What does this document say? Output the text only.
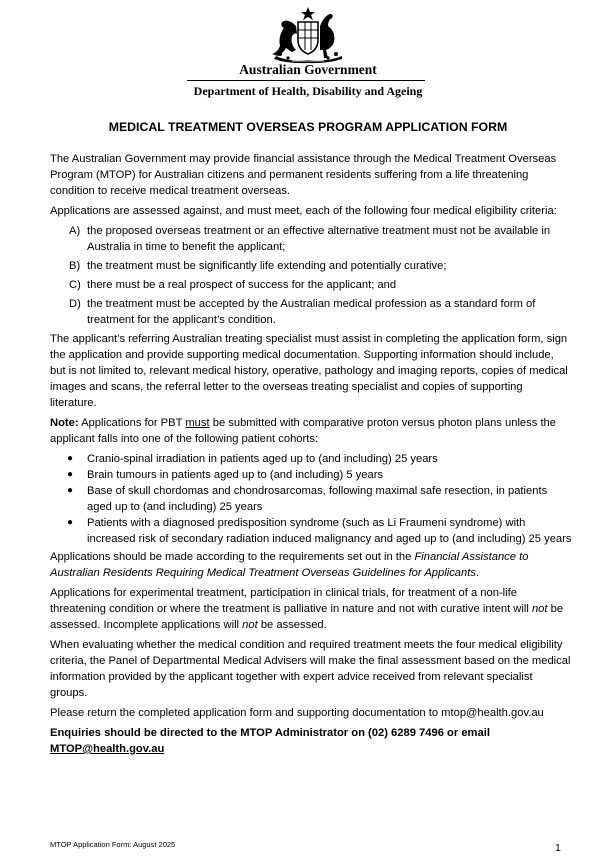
Australian Government
Department of Health, Disability and Ageing
MEDICAL TREATMENT OVERSEAS PROGRAM APPLICATION FORM

The Australian Government may provide financial assistance through the Medical Treatment Overseas Program (MTOP) for Australian citizens and permanent residents suffering from a life threatening condition to receive medical treatment overseas.

Applications are assessed against, and must meet, each of the following four medical eligibility criteria:

A) the proposed overseas treatment or an effective alternative treatment must not be available in Australia in time to benefit the applicant;
B) the treatment must be significantly life extending and potentially curative;
C) there must be a real prospect of success for the applicant; and
D) the treatment must be accepted by the Australian medical profession as a standard form of treatment for the applicant’s condition.

The applicant’s referring Australian treating specialist must assist in completing the application form, sign the application and provide supporting medical documentation. Supporting information should include, but is not limited to, relevant medical history, operative, pathology and imaging reports, copies of medical images and scans, the referral letter to the overseas treating specialist and copies of supporting literature.

Note: Applications for PBT must be submitted with comparative proton versus photon plans unless the applicant falls into one of the following patient cohorts:

● Cranio-spinal irradiation in patients aged up to (and including) 25 years
● Brain tumours in patients aged up to (and including) 5 years
● Base of skull chordomas and chondrosarcomas, following maximal safe resection, in patients aged up to (and including) 25 years
● Patients with a diagnosed predisposition syndrome (such as Li Fraumeni syndrome) with increased risk of secondary radiation induced malignancy and aged up to (and including) 25 years

Applications should be made according to the requirements set out in the Financial Assistance to Australian Residents Requiring Medical Treatment Overseas Guidelines for Applicants.

Applications for experimental treatment, participation in clinical trials, for treatment of a non-life threatening condition or where the treatment is palliative in nature and not with curative intent will not be assessed. Incomplete applications will not be assessed.

When evaluating whether the medical condition and required treatment meets the four medical eligibility criteria, the Panel of Departmental Medical Advisers will make the final assessment based on the medical information provided by the applicant together with expert advice received from relevant specialist groups.

Please return the completed application form and supporting documentation to mtop@health.gov.au

Enquiries should be directed to the MTOP Administrator on (02) 6289 7496 or email MTOP@health.gov.au

MTOP Application Form: August 2025	1
